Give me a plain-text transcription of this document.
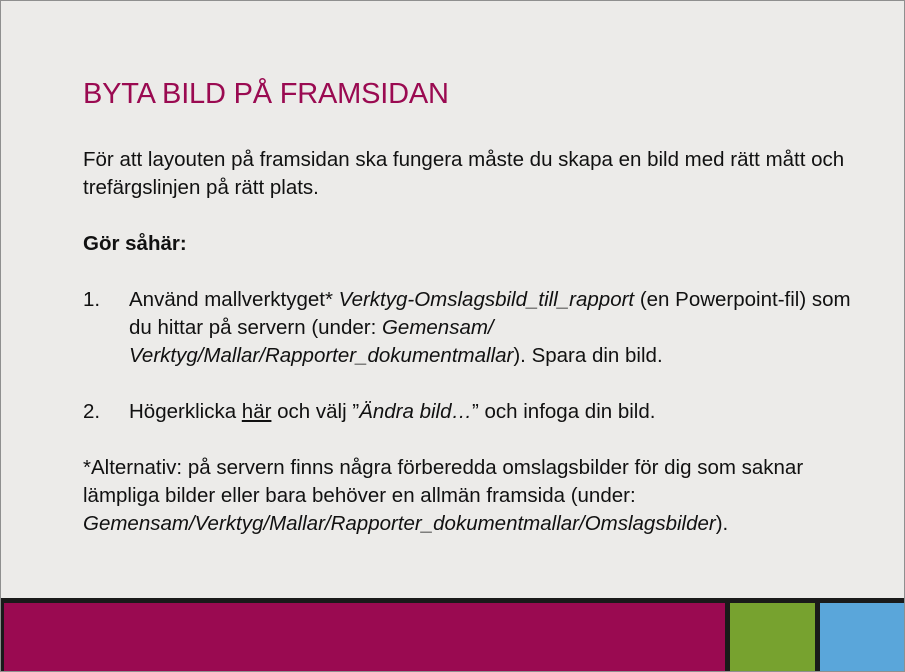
BYTA BILD PÅ FRAMSIDAN

För att layouten på framsidan ska fungera måste du skapa en bild med rätt mått och trefärgslinjen på rätt plats.

Gör såhär:

1. Använd mallverktyget* Verktyg-Omslagsbild_till_rapport (en Powerpoint-fil) som du hittar på servern (under: Gemensam/ Verktyg/Mallar/Rapporter_dokumentmallar). Spara din bild.

2. Högerklicka här och välj ”Ändra bild…” och infoga din bild.

*Alternativ: på servern finns några förberedda omslagsbilder för dig som saknar lämpliga bilder eller bara behöver en allmän framsida (under: Gemensam/Verktyg/Mallar/Rapporter_dokumentmallar/Omslagsbilder).
